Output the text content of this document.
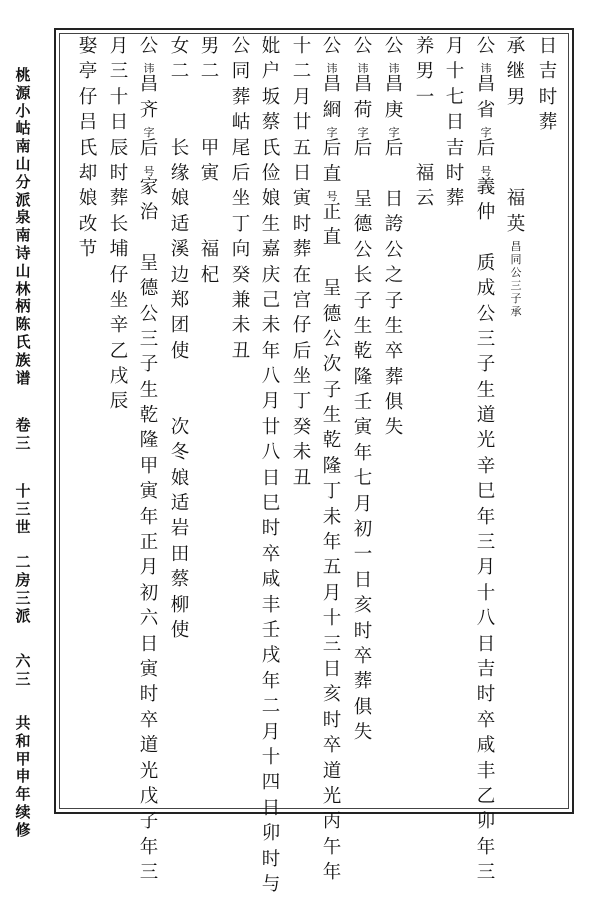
桃
源
小
岵
南
山
分
派
泉
南
诗
山
林
柄
陈
氏
族
谱
卷
三
十
三
世

二
房
三
派
六
三
共
和
甲
申
年
续
修
日
吉
时
葬
承
继
男

福
英
昌
同
公
三
子
承
公
讳
昌
省
字
后
号
義
仲

质
成
公
三
子
生
道
光
辛
巳
年
三
月
十
八
日
吉
时
卒
咸
丰
乙
卯
年
三
月
十
七
日
吉
时
葬
养
男
一

福
云
公
讳
昌
庚
字
后

日
誇
公
之
子
生
卒
葬
俱
失
公
讳
昌
荷
字
后

呈
德
公
长
子
生
乾
隆
壬
寅
年
七
月
初
一
日
亥
时
卒
葬
俱
失
公
讳
昌
綗
字
后
直
号
正
直

呈
德
公
次
子
生
乾
隆
丁
未
年
五
月
十
三
日
亥
时
卒
道
光
丙
午
年
十
二
月
廿
五
日
寅
时
葬
在
宫
仔
后
坐
丁
癸
未
丑
妣
户
坂
蔡
氏
俭
娘
生
嘉
庆
己
未
年
八
月
廿
八
日
巳
时
卒
咸
丰
壬
戌
年
二
月
十
四
日
卯
时
与
公
同
葬
岵
尾
后
坐
丁
向
癸
兼
未
丑
男
二

甲
寅

福
杞
女
二

长
缘
娘
适
溪
边
郑
团
使

次
冬
娘
适
岩
田
蔡
柳
使
公
讳
昌
齐
字
后
号
家
治

呈
德
公
三
子
生
乾
隆
甲
寅
年
正
月
初
六
日
寅
时
卒
道
光
戊
子
年
三
月
三
十
日
辰
时
葬
长
埔
仔
坐
辛
乙
戌
辰
娶
亭
仔
吕
氏
却
娘
改
节
